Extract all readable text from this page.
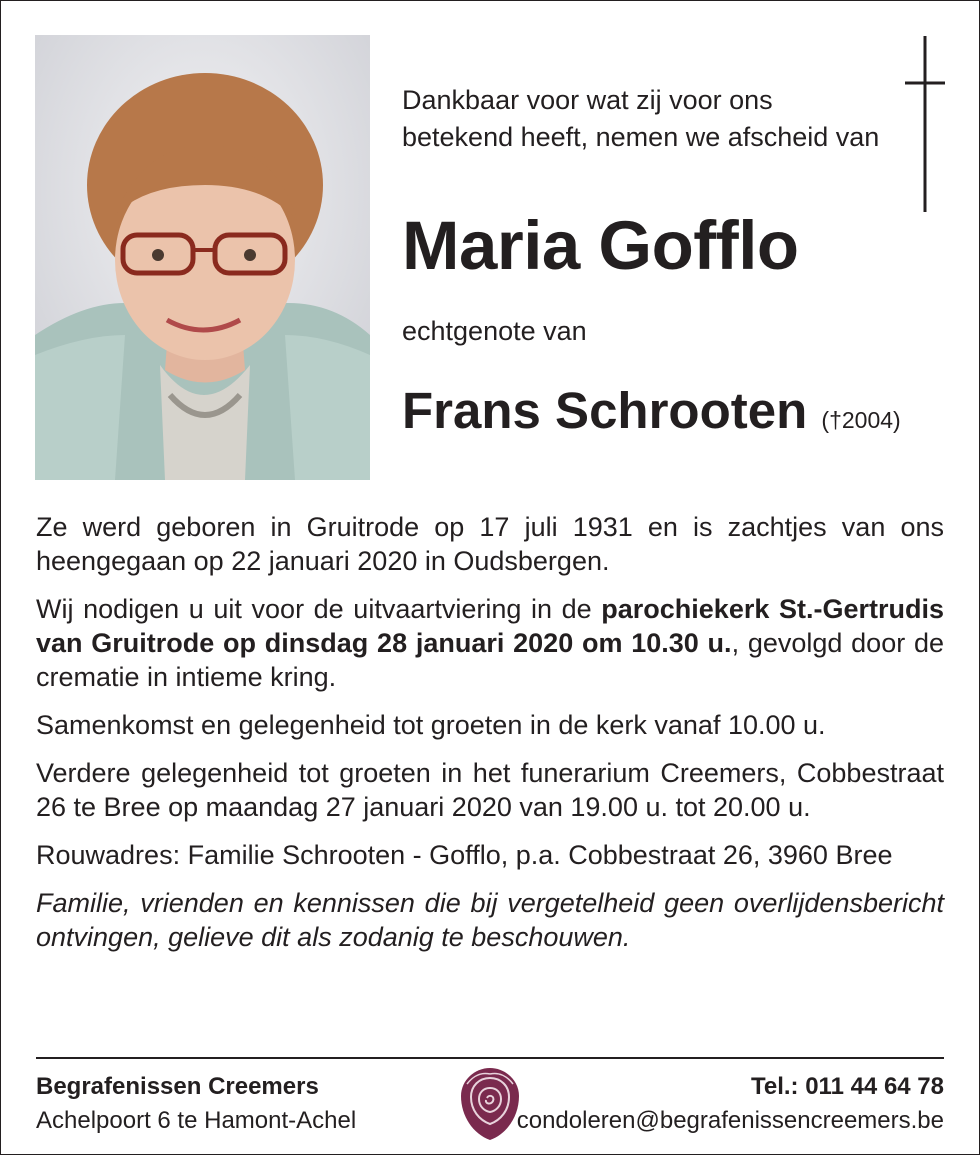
Dankbaar voor wat zij voor ons
betekend heeft, nemen we afscheid van
Maria Gofflo
echtgenote van
Frans Schrooten (†2004)

Ze werd geboren in Gruitrode op 17 juli 1931 en is zachtjes van ons heengegaan op 22 januari 2020 in Oudsbergen.

Wij nodigen u uit voor de uitvaartviering in de parochiekerk St.-Gertrudis van Gruitrode op dinsdag 28 januari 2020 om 10.30 u., gevolgd door de crematie in intieme kring.

Samenkomst en gelegenheid tot groeten in de kerk vanaf 10.00 u.

Verdere gelegenheid tot groeten in het funerarium Creemers, Cobbestraat 26 te Bree op maandag 27 januari 2020 van 19.00 u. tot 20.00 u.

Rouwadres: Familie Schrooten - Gofflo, p.a. Cobbestraat 26, 3960 Bree

Familie, vrienden en kennissen die bij vergetelheid geen overlijdensbericht ontvingen, gelieve dit als zodanig te beschouwen.

Begrafenissen Creemers
Achelpoort 6 te Hamont-Achel
Tel.: 011 44 64 78
condoleren@begrafenissencreemers.be
